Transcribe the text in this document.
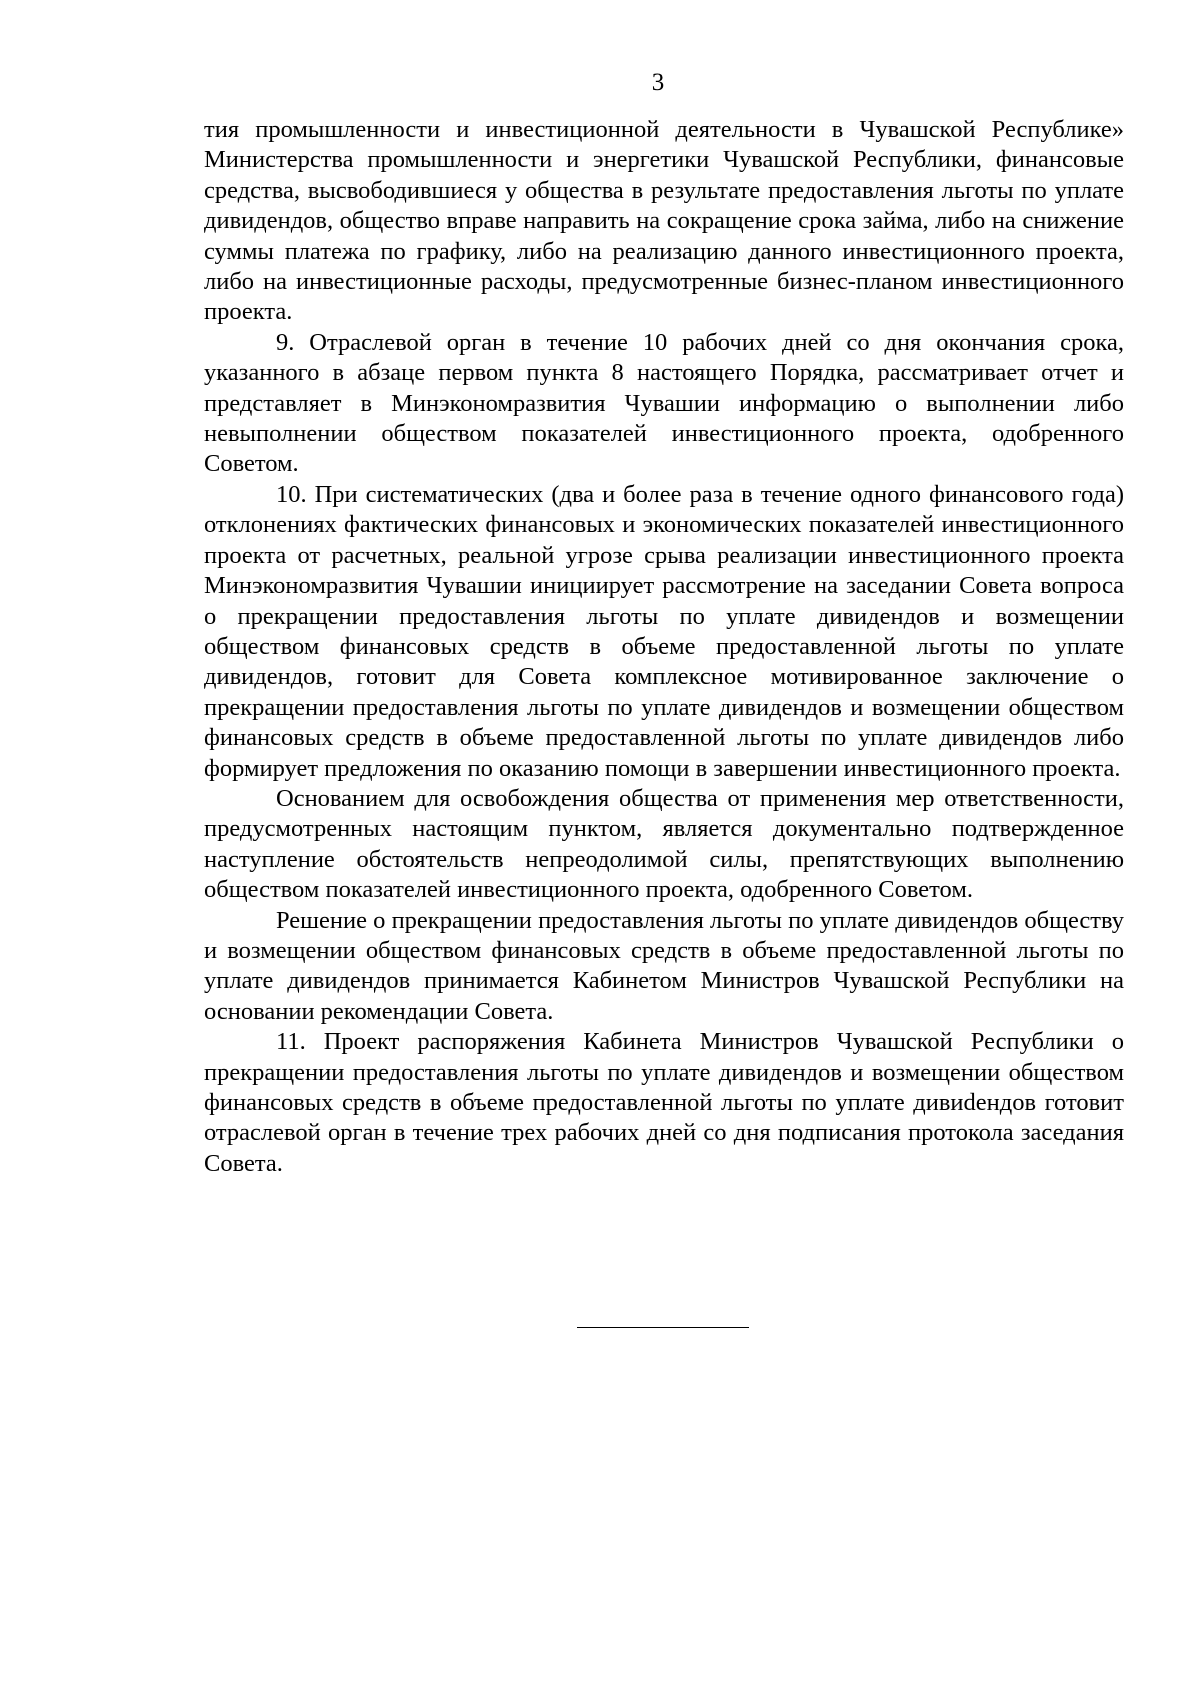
3

тия промышленности и инвестиционной деятельности в Чувашской Республике» Министерства промышленности и энергетики Чувашской Республики, финансовые средства, высвободившиеся у общества в результате предоставления льготы по уплате дивидендов, общество вправе направить на сокращение срока займа, либо на снижение суммы платежа по графику, либо на реализацию данного инвестиционного проекта, либо на инвестиционные расходы, предусмотренные бизнес-планом инвестиционного проекта.

9. Отраслевой орган в течение 10 рабочих дней со дня окончания срока, указанного в абзаце первом пункта 8 настоящего Порядка, рассматривает отчет и представляет в Минэкономразвития Чувашии информацию о выполнении либо невыполнении обществом показателей инвестиционного проекта, одобренного Советом.

10. При систематических (два и более раза в течение одного финансового года) отклонениях фактических финансовых и экономических показателей инвестиционного проекта от расчетных, реальной угрозе срыва реализации инвестиционного проекта Минэкономразвития Чувашии инициирует рассмотрение на заседании Совета вопроса о прекращении предоставления льготы по уплате дивидендов и возмещении обществом финансовых средств в объеме предоставленной льготы по уплате дивидендов, готовит для Совета комплексное мотивированное заключение о прекращении предоставления льготы по уплате дивидендов и возмещении обществом финансовых средств в объеме предоставленной льготы по уплате дивидендов либо формирует предложения по оказанию помощи в завершении инвестиционного проекта.

Основанием для освобождения общества от применения мер ответственности, предусмотренных настоящим пунктом, является документально подтвержденное наступление обстоятельств непреодолимой силы, препятствующих выполнению обществом показателей инвестиционного проекта, одобренного Советом.

Решение о прекращении предоставления льготы по уплате дивидендов обществу и возмещении обществом финансовых средств в объеме предоставленной льготы по уплате дивидендов принимается Кабинетом Министров Чувашской Республики на основании рекомендации Совета.

11. Проект распоряжения Кабинета Министров Чувашской Республики о прекращении предоставления льготы по уплате дивидендов и возмещении обществом финансовых средств в объеме предоставленной льготы по уплате дивиdендов готовит отраслевой орган в течение трех рабочих дней со дня подписания протокола заседания Совета.
